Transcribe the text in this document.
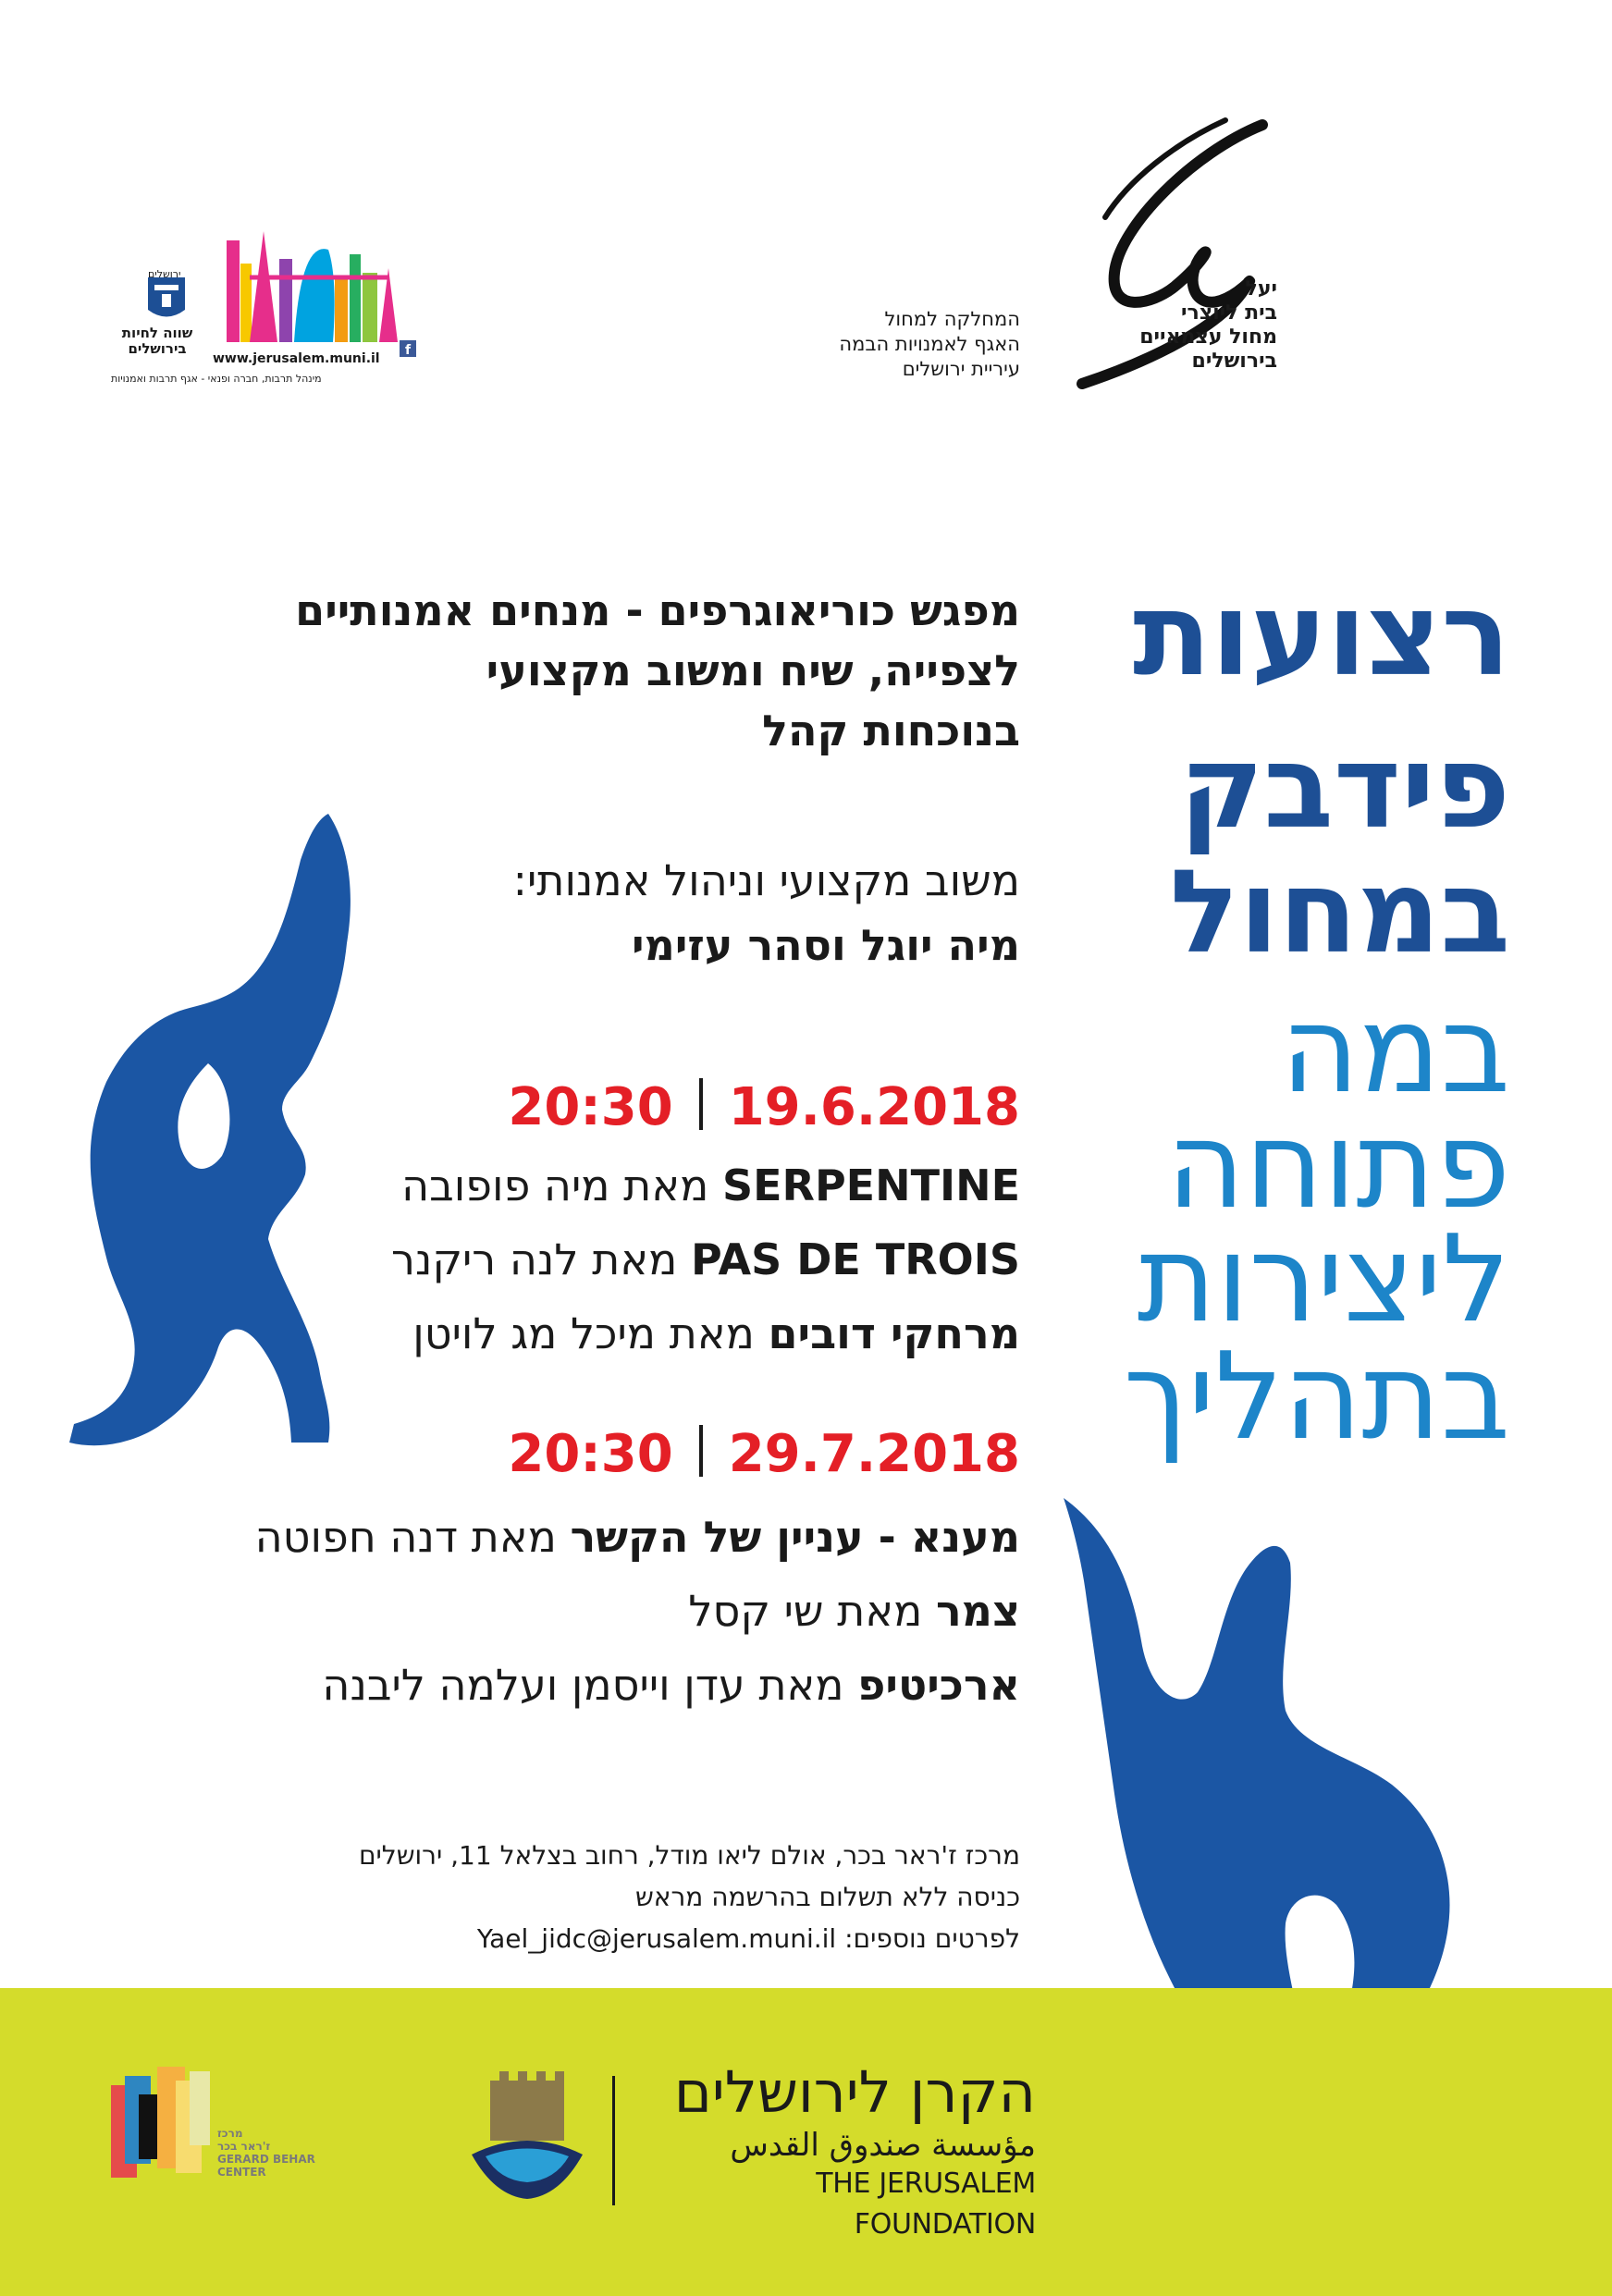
יעל
בית ליוצרי
מחול עצמאיים
בירושלים
המחלקה למחול
האגף לאמנויות הבמה
עיריית ירושלים
f
ירושלים
שווה לחיות
בירושלים
www.jerusalem.muni.il
מינהל תרבות, חברה ופנאי - אגף תרבות ואמנויות
רצועות
פידבק
במחול
במה
פתוחה
ליצירות
בתהליך
מפגש כוריאוגרפים - מנחים אמנותיים
לצפייה, שיח ומשוב מקצועי
בנוכחות קהל
משוב מקצועי וניהול אמנותי:
מיה יוגל וסהר עזימי
20:30 19.6.2018
SERPENTINE מאת מיה פופובה
PAS DE TROIS מאת לנה ריקנר
מרחקי דובים מאת מיכל מג לויטן
20:30 29.7.2018
מענא - עניין של הקשר מאת דנה חפוטה
צמר מאת שי קסל
ארכיטיפ מאת עדן וייסמן ועלמה ליבנה
מרכז ז'ראר בכר, אולם ליאו מודל, רחוב בצלאל 11, ירושלים
כניסה ללא תשלום בהרשמה מראש
לפרטים נוספים: Yael_jidc@jerusalem.muni.il
מרכז
ז'ראר בכר
GERARD BEHAR
CENTER
הקרן לירושלים
مؤسسة صندوق القدس
THE JERUSALEM FOUNDATION
